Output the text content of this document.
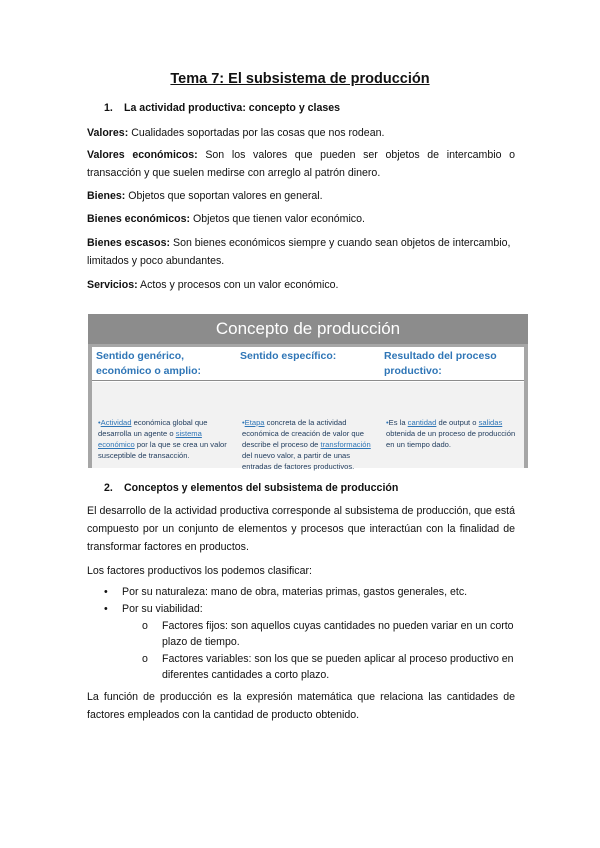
Tema 7: El subsistema de producción
1. La actividad productiva: concepto y clases
Valores: Cualidades soportadas por las cosas que nos rodean.
Valores económicos: Son los valores que pueden ser objetos de intercambio o transacción y que suelen medirse con arreglo al patrón dinero.
Bienes: Objetos que soportan valores en general.
Bienes económicos: Objetos que tienen valor económico.
Bienes escasos: Son bienes económicos siempre y cuando sean objetos de intercambio, limitados y poco abundantes.
Servicios: Actos y procesos con un valor económico.
Concepto de producción
Sentido genérico, económico o amplio:
•Actividad económica global que desarrolla un agente o sistema económico por la que se crea un valor susceptible de transacción.
Sentido específico:
•Etapa concreta de la actividad económica de creación de valor que describe el proceso de transformación del nuevo valor, a partir de unas entradas de factores productivos.
Resultado del proceso productivo:
•Es la cantidad de output o salidas obtenida de un proceso de producción en un tiempo dado.
2. Conceptos y elementos del subsistema de producción
El desarrollo de la actividad productiva corresponde al subsistema de producción, que está compuesto por un conjunto de elementos y procesos que interactúan con la finalidad de transformar factores en productos.
Los factores productivos los podemos clasificar:
• Por su naturaleza: mano de obra, materias primas, gastos generales, etc.
• Por su viabilidad:
o Factores fijos: son aquellos cuyas cantidades no pueden variar en un corto plazo de tiempo.
o Factores variables: son los que se pueden aplicar al proceso productivo en diferentes cantidades a corto plazo.
La función de producción es la expresión matemática que relaciona las cantidades de factores empleados con la cantidad de producto obtenido.
